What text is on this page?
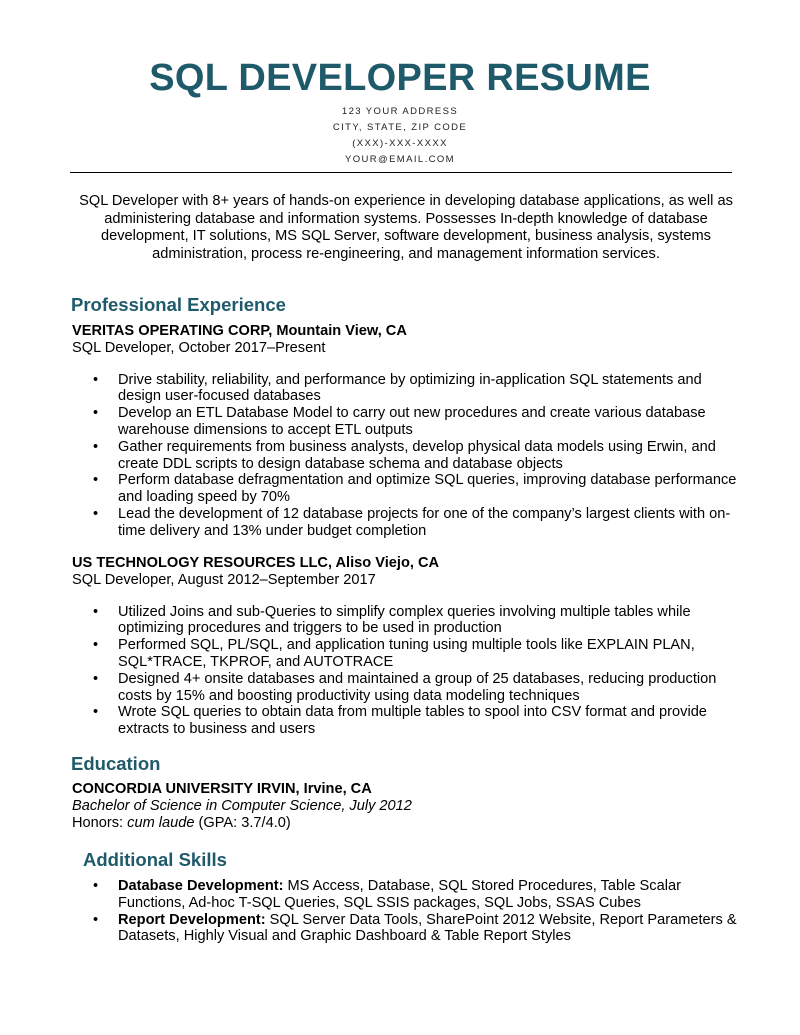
SQL DEVELOPER RESUME
123 YOUR ADDRESS
CITY, STATE, ZIP CODE
(XXX)-XXX-XXXX
YOUR@EMAIL.COM

SQL Developer with 8+ years of hands-on experience in developing database applications, as well as administering database and information systems. Possesses In-depth knowledge of database development, IT solutions, MS SQL Server, software development, business analysis, systems administration, process re-engineering, and management information services.

Professional Experience
VERITAS OPERATING CORP, Mountain View, CA
SQL Developer, October 2017–Present
• Drive stability, reliability, and performance by optimizing in-application SQL statements and design user-focused databases
• Develop an ETL Database Model to carry out new procedures and create various database warehouse dimensions to accept ETL outputs
• Gather requirements from business analysts, develop physical data models using Erwin, and create DDL scripts to design database schema and database objects
• Perform database defragmentation and optimize SQL queries, improving database performance and loading speed by 70%
• Lead the development of 12 database projects for one of the company’s largest clients with on-time delivery and 13% under budget completion
US TECHNOLOGY RESOURCES LLC, Aliso Viejo, CA
SQL Developer, August 2012–September 2017
• Utilized Joins and sub-Queries to simplify complex queries involving multiple tables while optimizing procedures and triggers to be used in production
• Performed SQL, PL/SQL, and application tuning using multiple tools like EXPLAIN PLAN, SQL*TRACE, TKPROF, and AUTOTRACE
• Designed 4+ onsite databases and maintained a group of 25 databases, reducing production costs by 15% and boosting productivity using data modeling techniques
• Wrote SQL queries to obtain data from multiple tables to spool into CSV format and provide extracts to business and users
Education
CONCORDIA UNIVERSITY IRVIN, Irvine, CA
Bachelor of Science in Computer Science, July 2012
Honors: cum laude (GPA: 3.7/4.0)
Additional Skills
• Database Development: MS Access, Database, SQL Stored Procedures, Table Scalar Functions, Ad-hoc T-SQL Queries, SQL SSIS packages, SQL Jobs, SSAS Cubes
• Report Development: SQL Server Data Tools, SharePoint 2012 Website, Report Parameters & Datasets, Highly Visual and Graphic Dashboard & Table Report Styles
